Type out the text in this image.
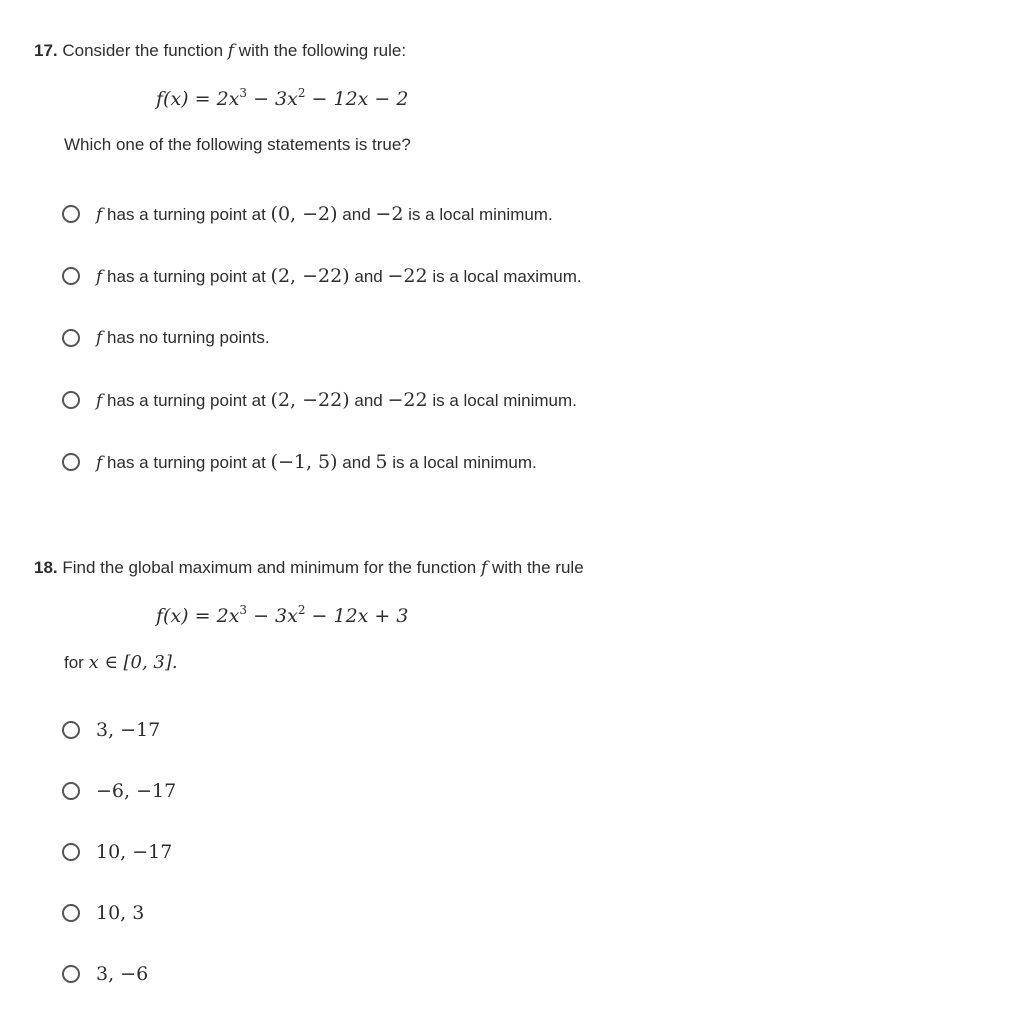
17. Consider the function f with the following rule:
$f(x) = 2x^3 - 3x^2 - 12x - 2$
Which one of the following statements is true?
f has a turning point at (0, −2) and −2 is a local minimum.
f has a turning point at (2, −22) and −22 is a local maximum.
f has no turning points.
f has a turning point at (2, −22) and −22 is a local minimum.
f has a turning point at (−1, 5) and 5 is a local minimum.
18. Find the global maximum and minimum for the function f with the rule
$f(x) = 2x^3 - 3x^2 - 12x + 3$
for x ∈ [0, 3].
3, −17
−6, −17
10, −17
10, 3
3, −6
